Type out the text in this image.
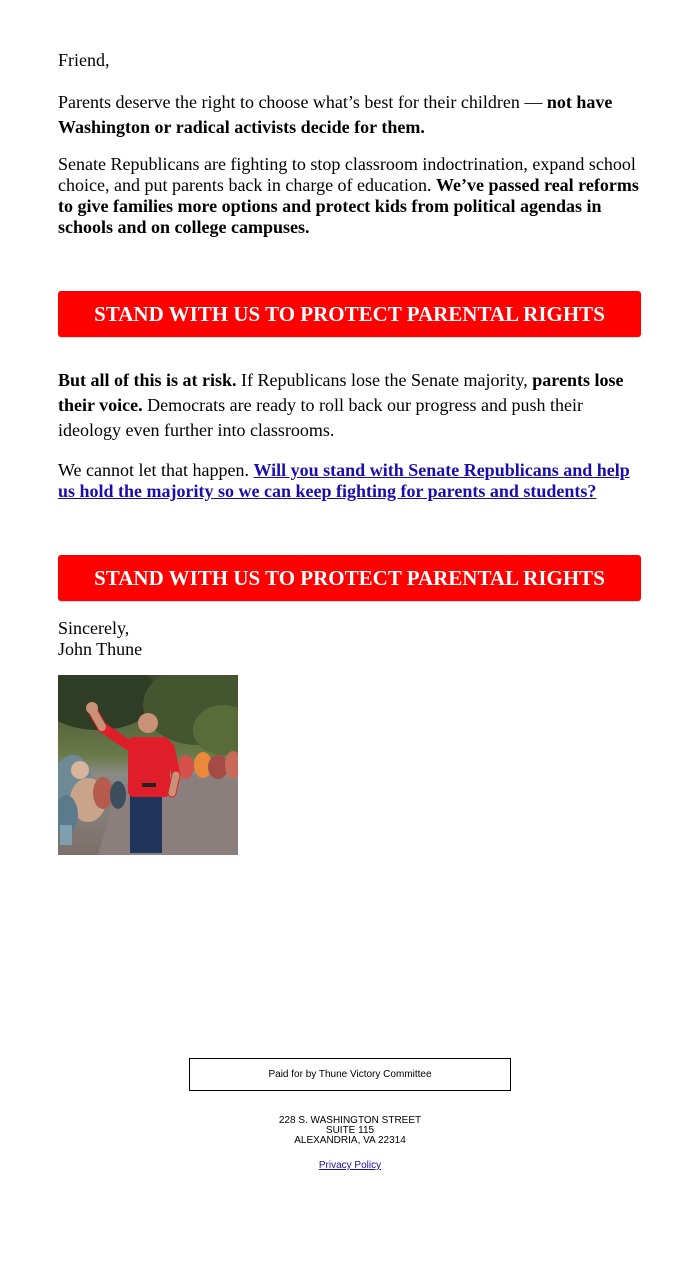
Friend,
Parents deserve the right to choose what’s best for their children — not have Washington or radical activists decide for them.
Senate Republicans are fighting to stop classroom indoctrination, expand school choice, and put parents back in charge of education. We’ve passed real reforms to give families more options and protect kids from political agendas in schools and on college campuses.
STAND WITH US TO PROTECT PARENTAL RIGHTS
But all of this is at risk. If Republicans lose the Senate majority, parents lose their voice. Democrats are ready to roll back our progress and push their ideology even further into classrooms.
We cannot let that happen. Will you stand with Senate Republicans and help us hold the majority so we can keep fighting for parents and students?
STAND WITH US TO PROTECT PARENTAL RIGHTS
Sincerely,
John Thune
Paid for by Thune Victory Committee
228 S. WASHINGTON STREET
SUITE 115
ALEXANDRIA, VA 22314
Privacy Policy
